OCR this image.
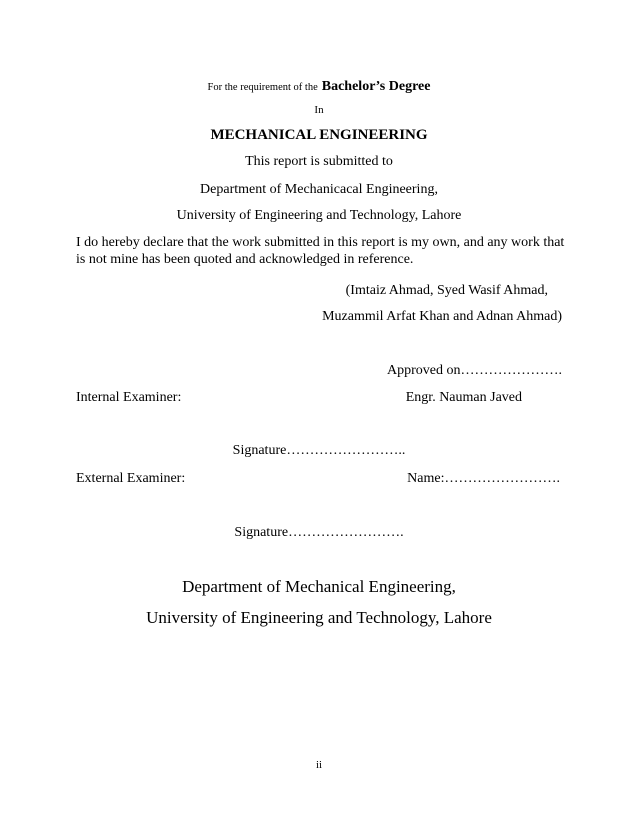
For the requirement of the Bachelor’s Degree
In
MECHANICAL ENGINEERING
This report is submitted to
Department of Mechanicacal Engineering,
University of Engineering and Technology, Lahore
I do hereby declare that the work submitted in this report is my own, and any work that is not mine has been quoted and acknowledged in reference.
(Imtaiz Ahmad, Syed Wasif Ahmad,
Muzammil Arfat Khan and Adnan Ahmad)
Approved on………………….
Internal Examiner:	Engr. Nauman Javed
Signature……………………..
External Examiner:	Name:…………………….
Signature…………………….
Department of Mechanical Engineering,
University of Engineering and Technology, Lahore
ii
